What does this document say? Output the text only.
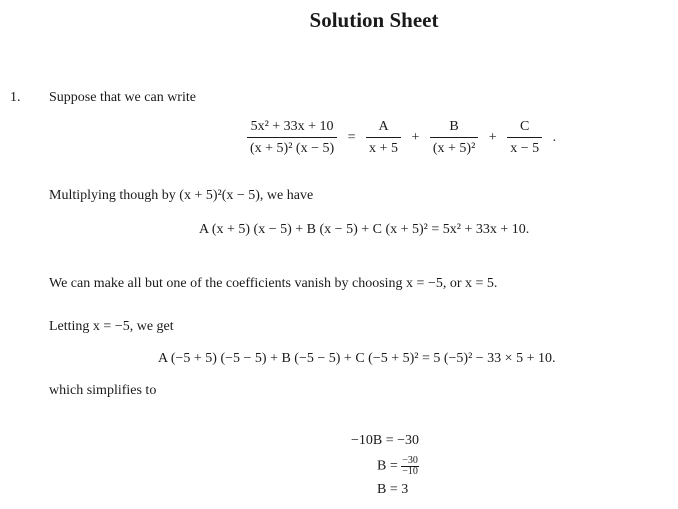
Solution Sheet
1. Suppose that we can write
$\frac{\text{5x² + 33x + 10}}{\text{(x + 5)² (x − 5)}} = \frac{A}{x + 5} + \frac{B}{\text{(x + 5)²}} + \frac{C}{x - 5}$ .
Multiplying though by (x + 5)²(x − 5), we have
A (x + 5) (x − 5) + B (x − 5) + C (x + 5)² = 5x² + 33x + 10.
We can make all but one of the coefficients vanish by choosing x = −5, or x = 5.
Letting x = −5, we get
A (−5 + 5) (−5 − 5) + B (−5 − 5) + C (−5 + 5)² = 5 (−5)² − 33 × 5 + 10.
which simplifies to
−10B = −30
$B = \frac{-30}{-10}$
B = 3
